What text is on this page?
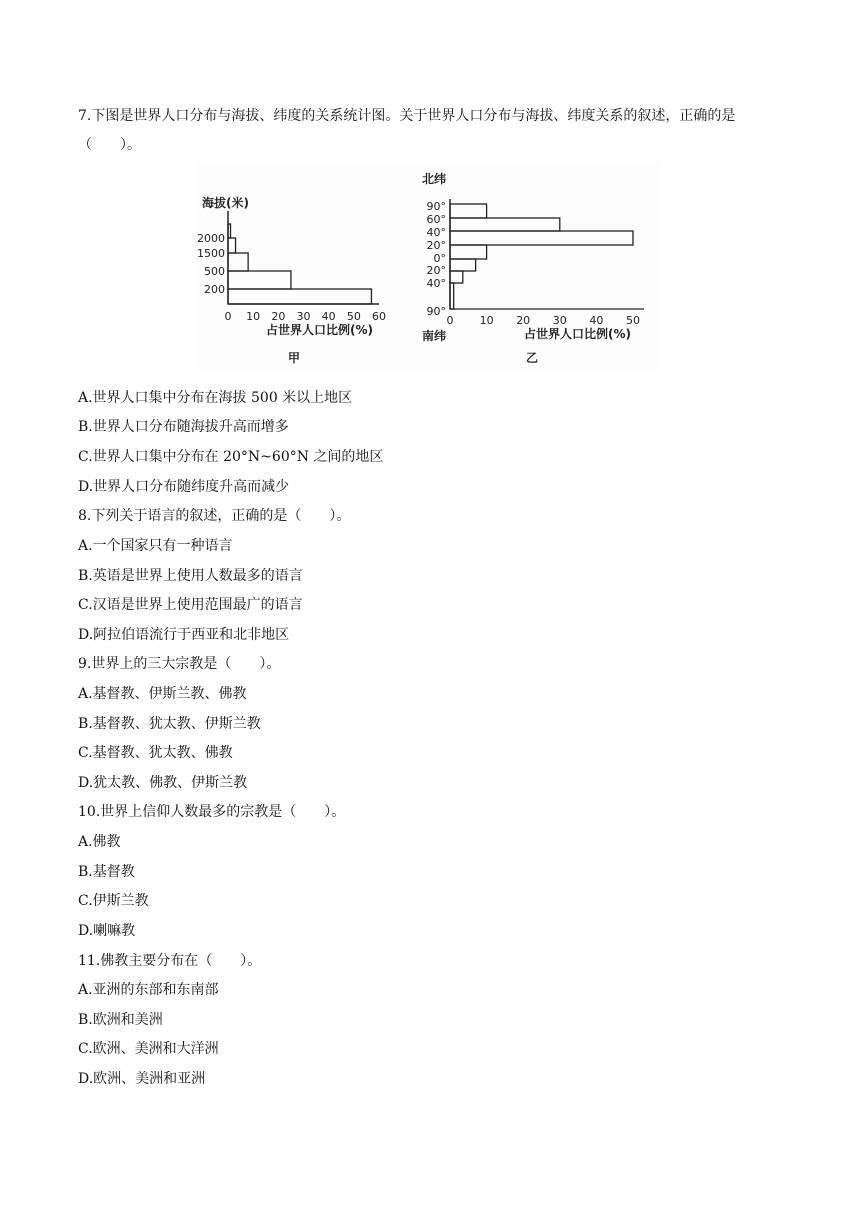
7.下图是世界人口分布与海拔、纬度的关系统计图。关于世界人口分布与海拔、纬度关系的叙述，正确的是（　　）。
海拔(米)
200
500
1500
2000
0 10 20 30 40 50 60
占世界人口比例(%)
甲
北纬
90°
60°
40°
20°
0°
20°
40°
90°
0 10 20 30 40 50
南纬	占世界人口比例(%)
乙
A.世界人口集中分布在海拔 500 米以上地区
B.世界人口分布随海拔升高而增多
C.世界人口集中分布在 20°N~60°N 之间的地区
D.世界人口分布随纬度升高而减少
8.下列关于语言的叙述，正确的是（　　）。
A.一个国家只有一种语言
B.英语是世界上使用人数最多的语言
C.汉语是世界上使用范围最广的语言
D.阿拉伯语流行于西亚和北非地区
9.世界上的三大宗教是（　　）。
A.基督教、伊斯兰教、佛教
B.基督教、犹太教、伊斯兰教
C.基督教、犹太教、佛教
D.犹太教、佛教、伊斯兰教
10.世界上信仰人数最多的宗教是（　　）。
A.佛教
B.基督教
C.伊斯兰教
D.喇嘛教
11.佛教主要分布在（　　）。
A.亚洲的东部和东南部
B.欧洲和美洲
C.欧洲、美洲和大洋洲
D.欧洲、美洲和亚洲
